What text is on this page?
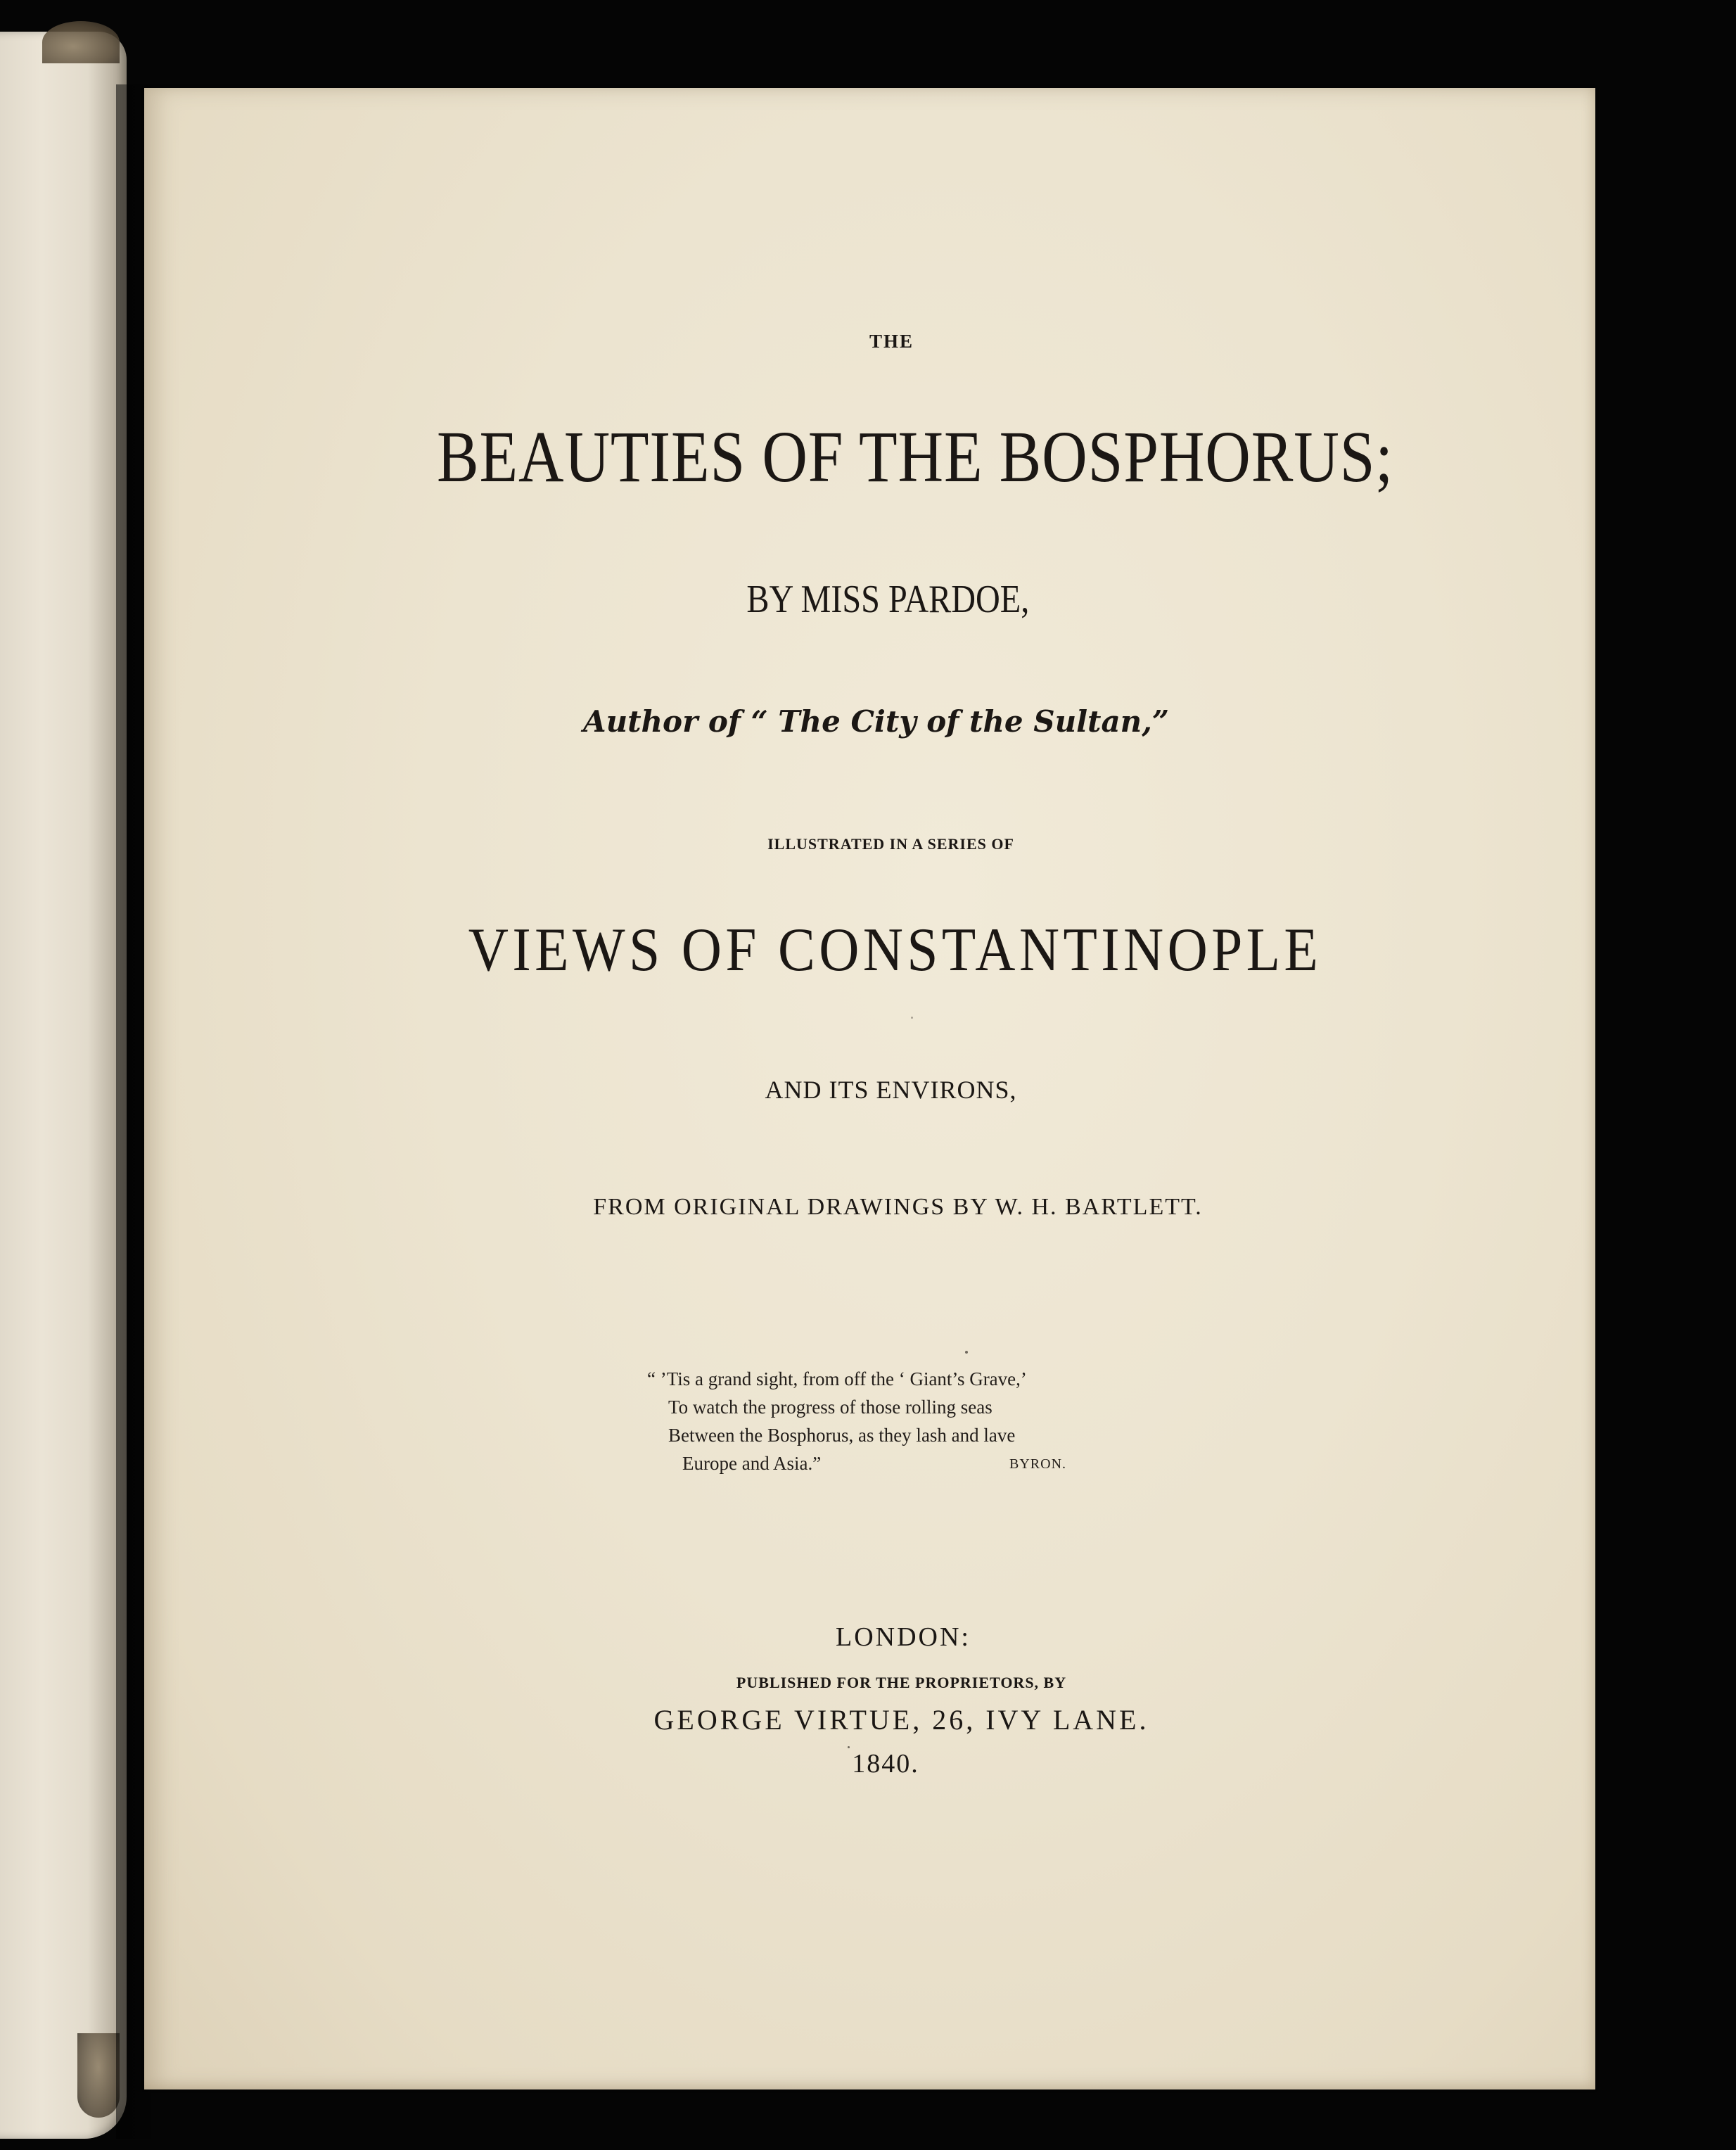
THE

BEAUTIES OF THE BOSPHORUS;

BY MISS PARDOE,

Author of “ The City of the Sultan,”

ILLUSTRATED IN A SERIES OF

VIEWS OF CONSTANTINOPLE

AND ITS ENVIRONS,

FROM ORIGINAL DRAWINGS BY W. H. BARTLETT.

“ ’Tis a grand sight, from off the ‘ Giant’s Grave,’
To watch the progress of those rolling seas
Between the Bosphorus, as they lash and lave
Europe and Asia.”	BYRON.

LONDON:

PUBLISHED FOR THE PROPRIETORS, BY

GEORGE VIRTUE, 26, IVY LANE.

1840.
